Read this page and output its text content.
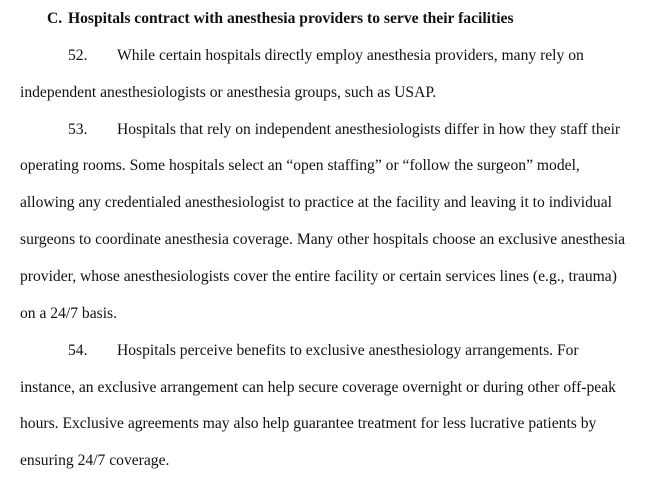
C. Hospitals contract with anesthesia providers to serve their facilities
52. While certain hospitals directly employ anesthesia providers, many rely on
independent anesthesiologists or anesthesia groups, such as USAP.
53. Hospitals that rely on independent anesthesiologists differ in how they staff their
operating rooms. Some hospitals select an “open staffing” or “follow the surgeon” model,
allowing any credentialed anesthesiologist to practice at the facility and leaving it to individual
surgeons to coordinate anesthesia coverage. Many other hospitals choose an exclusive anesthesia
provider, whose anesthesiologists cover the entire facility or certain services lines (e.g., trauma)
on a 24/7 basis.
54. Hospitals perceive benefits to exclusive anesthesiology arrangements. For
instance, an exclusive arrangement can help secure coverage overnight or during other off-peak
hours. Exclusive agreements may also help guarantee treatment for less lucrative patients by
ensuring 24/7 coverage.
